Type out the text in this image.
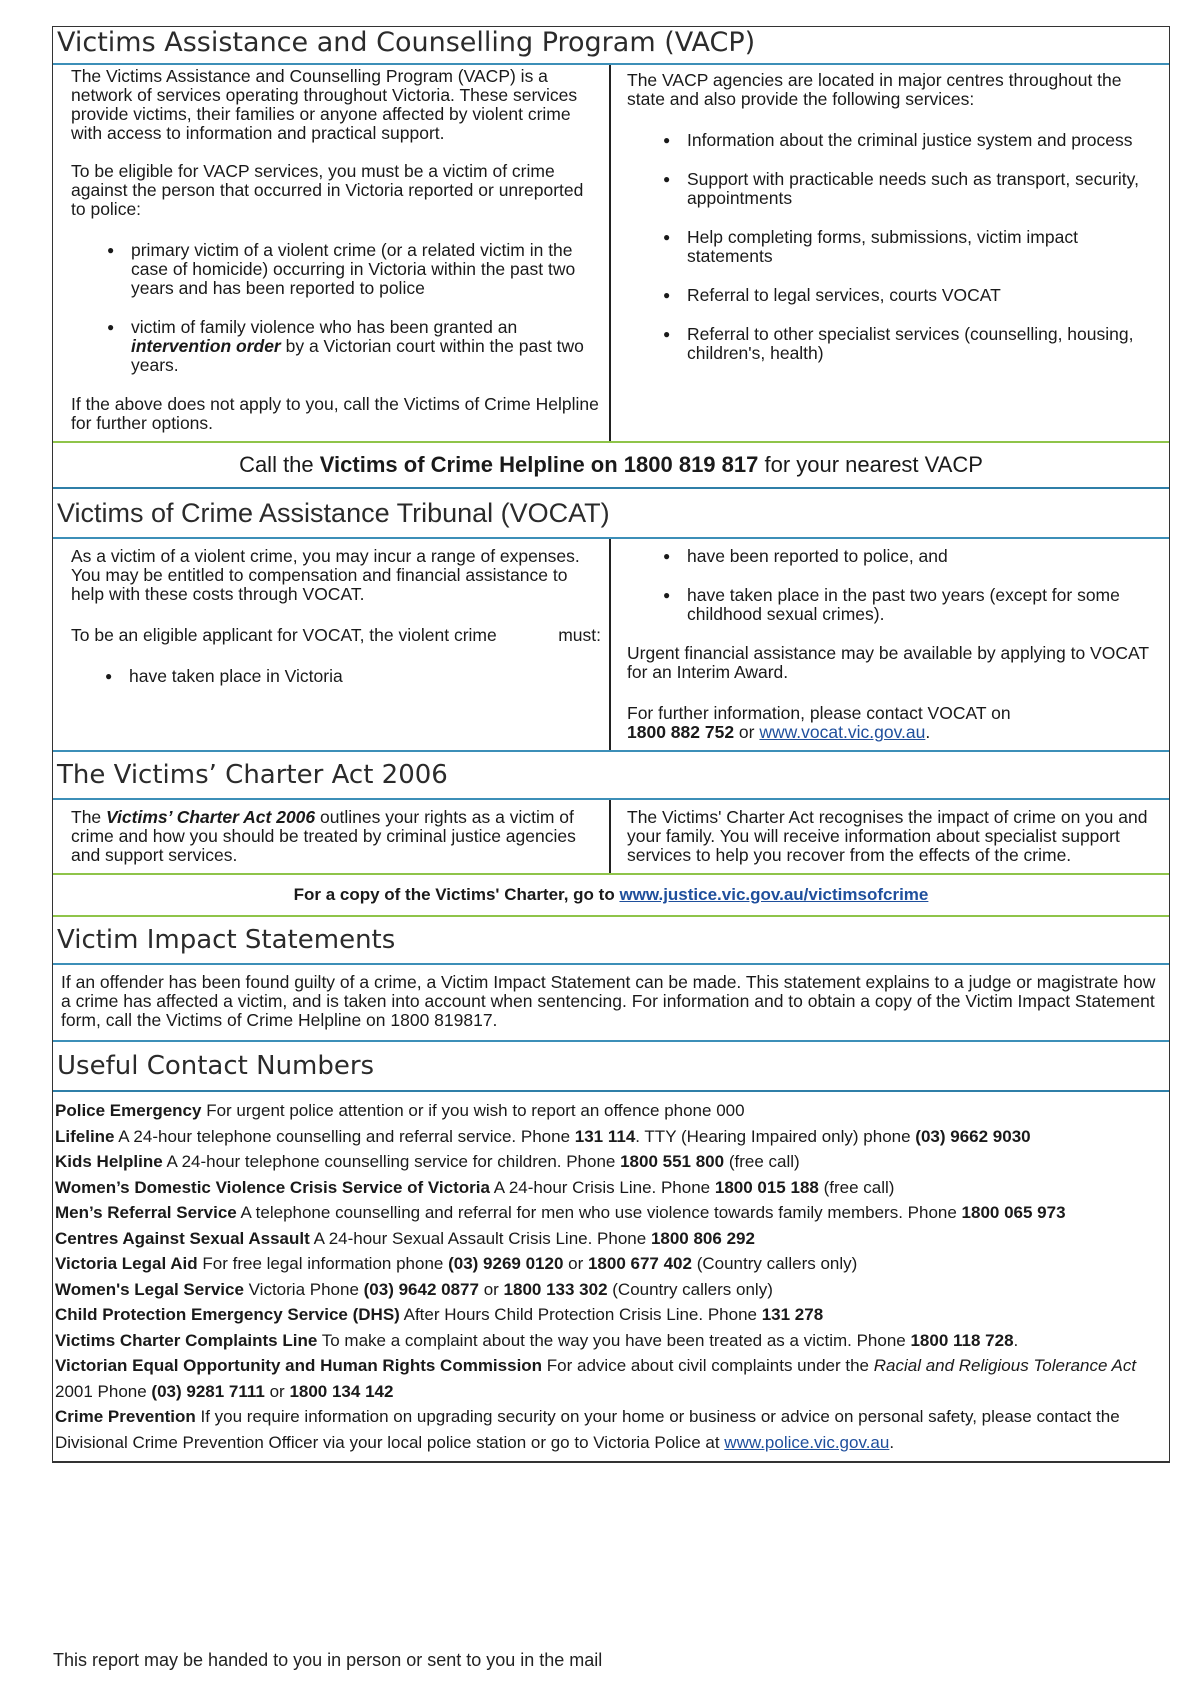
Victims Assistance and Counselling Program (VACP)

The Victims Assistance and Counselling Program (VACP) is a network of services operating throughout Victoria. These services provide victims, their families or anyone affected by violent crime with access to information and practical support.

To be eligible for VACP services, you must be a victim of crime against the person that occurred in Victoria reported or unreported to police:

● primary victim of a violent crime (or a related victim in the case of homicide) occurring in Victoria within the past two years and has been reported to police
● victim of family violence who has been granted an intervention order by a Victorian court within the past two years.

If the above does not apply to you, call the Victims of Crime Helpline for further options.

The VACP agencies are located in major centres throughout the state and also provide the following services:

● Information about the criminal justice system and process
● Support with practicable needs such as transport, security, appointments
● Help completing forms, submissions, victim impact statements
● Referral to legal services, courts VOCAT
● Referral to other specialist services (counselling, housing, children's, health)
Call the Victims of Crime Helpline on 1800 819 817 for your nearest VACP
Victims of Crime Assistance Tribunal (VOCAT)

As a victim of a violent crime, you may incur a range of expenses. You may be entitled to compensation and financial assistance to help with these costs through VOCAT.

To be an eligible applicant for VOCAT, the violent crime	must:

● have taken place in Victoria
● have been reported to police, and
● have taken place in the past two years (except for some childhood sexual crimes).

Urgent financial assistance may be available by applying to VOCAT for an Interim Award.

For further information, please contact VOCAT on
1800 882 752 or www.vocat.vic.gov.au.

The Victims’ Charter Act 2006

The Victims’ Charter Act 2006 outlines your rights as a victim of crime and how you should be treated by criminal justice agencies and support services.

The Victims' Charter Act recognises the impact of crime on you and your family. You will receive information about specialist support services to help you recover from the effects of the crime.

For a copy of the Victims' Charter, go to www.justice.vic.gov.au/victimsofcrime
Victim Impact Statements
If an offender has been found guilty of a crime, a Victim Impact Statement can be made. This statement explains to a judge or magistrate how a crime has affected a victim, and is taken into account when sentencing. For information and to obtain a copy of the Victim Impact Statement form, call the Victims of Crime Helpline on 1800 819817.
Useful Contact Numbers
Police Emergency For urgent police attention or if you wish to report an offence phone 000
Lifeline A 24-hour telephone counselling and referral service. Phone 131 114. TTY (Hearing Impaired only) phone (03) 9662 9030
Kids Helpline A 24-hour telephone counselling service for children. Phone 1800 551 800 (free call)
Women’s Domestic Violence Crisis Service of Victoria A 24-hour Crisis Line. Phone 1800 015 188 (free call)
Men’s Referral Service A telephone counselling and referral for men who use violence towards family members. Phone 1800 065 973
Centres Against Sexual Assault A 24-hour Sexual Assault Crisis Line. Phone 1800 806 292
Victoria Legal Aid For free legal information phone (03) 9269 0120 or 1800 677 402 (Country callers only)
Women's Legal Service Victoria Phone (03) 9642 0877 or 1800 133 302 (Country callers only)
Child Protection Emergency Service (DHS) After Hours Child Protection Crisis Line. Phone 131 278
Victims Charter Complaints Line To make a complaint about the way you have been treated as a victim. Phone 1800 118 728.
Victorian Equal Opportunity and Human Rights Commission For advice about civil complaints under the Racial and Religious Tolerance Act 2001 Phone (03) 9281 7111 or 1800 134 142
Crime Prevention If you require information on upgrading security on your home or business or advice on personal safety, please contact the Divisional Crime Prevention Officer via your local police station or go to Victoria Police at www.police.vic.gov.au.
This report may be handed to you in person or sent to you in the mail
